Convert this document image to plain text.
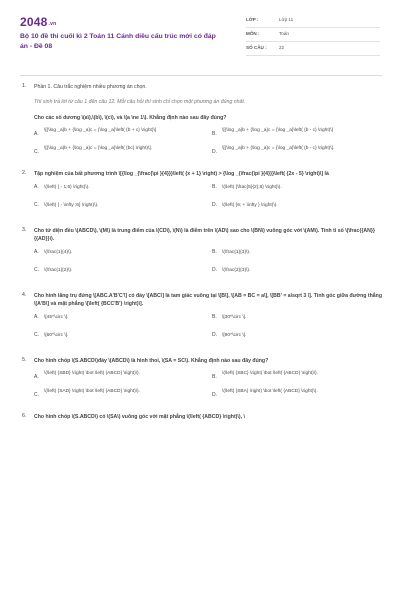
$2048^{.vn}$
Bộ 10 đề thi cuối kì 2 Toán 11 Cánh diều cấu trúc mới có đáp án - Đề 08
LỚP :	Lớp 11
MÔN :	Toán
SỐ CÂU :	22
1. Phần 1. Câu trắc nghiệm nhiều phương án chọn.
Thí sinh trả lời từ câu 1 đến câu 12. Mỗi câu hỏi thí sinh chỉ chọn một phương án đúng nhất.
Cho các số dương \(a\),\(b\), \(c\), và \(a \ne 1\). Khẳng định nào sau đây đúng?
A. \[{\log _a}b + {\log _a}c = {\log _a}\left( {b + c} \right)\]	B. \[{\log _a}b + {\log _a}c = {\log _a}\left( {b - c} \right)\]
C. \[{\log _a}b + {\log _a}c = {\log _a}\left( {bc} \right)\].	D. \[{\log _a}b + {\log _a}c = {\log _a}\left( {b - c} \right)\].
2. Tập nghiệm của bất phương trình \[{\log _{\frac{\pi }{4}}}\left( {x + 1} \right) > {\log _{\frac{\pi }{4}}}\left( {2x - 5} \right)\] là
A. \(\left( { - 1;6} \right)\).	B. \(\left( {\frac{5}{2};6} \right)\).
C. \(\left( { - \infty ;6} \right)\).	D. \(\left( {6; + \infty } \right)\).
3. Cho tứ diện đều \(ABCD\), \(M\) là trung điểm của \(CD\), \(N\) là điểm trên \(AD\) sao cho \(BN\) vuông góc với \(AM\). Tính tỉ số \(\frac{{AN}}{{AD}}\).
A. \(\frac{1}{4}\).	B. \(\frac{1}{3}\).
C. \(\frac{1}{2}\).	D. \(\frac{2}{3}\).
4. Cho hình lăng trụ đứng \[ABC.A'B'C'\] có đáy \[ABC\] là tam giác vuông tại \[B\], \[AB = BC = a\], \[BB' = a\sqrt 3 \]. Tính góc giữa đường thẳng \[A'B\] và mặt phẳng \[\left( {BCC'B'} \right)\].
A. \[45^\circ \].	B. \[30^\circ \].
C. \[60^\circ \].	D. \[90^\circ \].
5. Cho hình chóp \(S.ABCD\)đáy \(ABCD\) là hình thoi, \(SA = SC\). Khẳng định nào sau đây đúng?
A. \(\left( {SBD} \right) \bot \left( {ABCD} \right)\).	B. \(\left( {SBC} \right) \bot \left( {ABCD} \right)\).
C. \(\left( {SAD} \right) \bot \left( {ABCD} \right)\).	D. \(\left( {SBA} \right) \bot \left( {ABCD} \right)\).
6. Cho hình chóp \(S.ABCD\) có \(SA\) vuông góc với mặt phẳng \(\left( {ABCD} \right)\), \
